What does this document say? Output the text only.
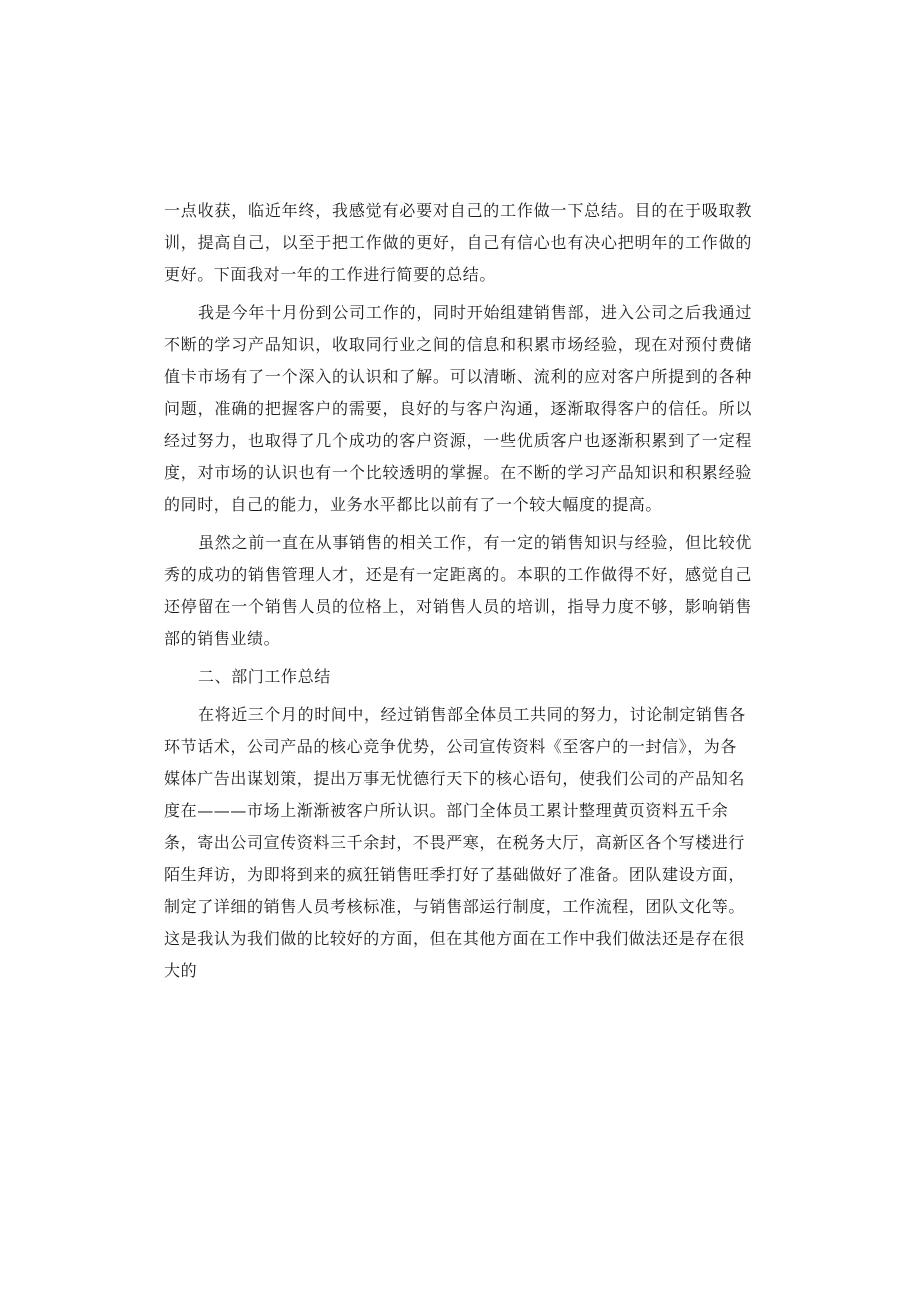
一点收获，临近年终，我感觉有必要对自己的工作做一下总结。目的在于吸取教训，提高自己，以至于把工作做的更好，自己有信心也有决心把明年的工作做的更好。下面我对一年的工作进行简要的总结。

我是今年十月份到公司工作的，同时开始组建销售部，进入公司之后我通过不断的学习产品知识，收取同行业之间的信息和积累市场经验，现在对预付费储值卡市场有了一个深入的认识和了解。可以清晰、流利的应对客户所提到的各种问题，准确的把握客户的需要，良好的与客户沟通，逐渐取得客户的信任。所以经过努力，也取得了几个成功的客户资源，一些优质客户也逐渐积累到了一定程度，对市场的认识也有一个比较透明的掌握。在不断的学习产品知识和积累经验的同时，自己的能力，业务水平都比以前有了一个较大幅度的提高。

虽然之前一直在从事销售的相关工作，有一定的销售知识与经验，但比较优秀的成功的销售管理人才，还是有一定距离的。本职的工作做得不好，感觉自己还停留在一个销售人员的位格上，对销售人员的培训，指导力度不够，影响销售部的销售业绩。

二、部门工作总结

在将近三个月的时间中，经过销售部全体员工共同的努力，讨论制定销售各环节话术，公司产品的核心竞争优势，公司宣传资料《至客户的一封信》，为各媒体广告出谋划策，提出万事无忧德行天下的核心语句，使我们公司的产品知名度在———市场上渐渐被客户所认识。部门全体员工累计整理黄页资料五千余条，寄出公司宣传资料三千余封，不畏严寒，在税务大厅，高新区各个写楼进行陌生拜访，为即将到来的疯狂销售旺季打好了基础做好了准备。团队建设方面，制定了详细的销售人员考核标准，与销售部运行制度，工作流程，团队文化等。这是我认为我们做的比较好的方面，但在其他方面在工作中我们做法还是存在很大的
